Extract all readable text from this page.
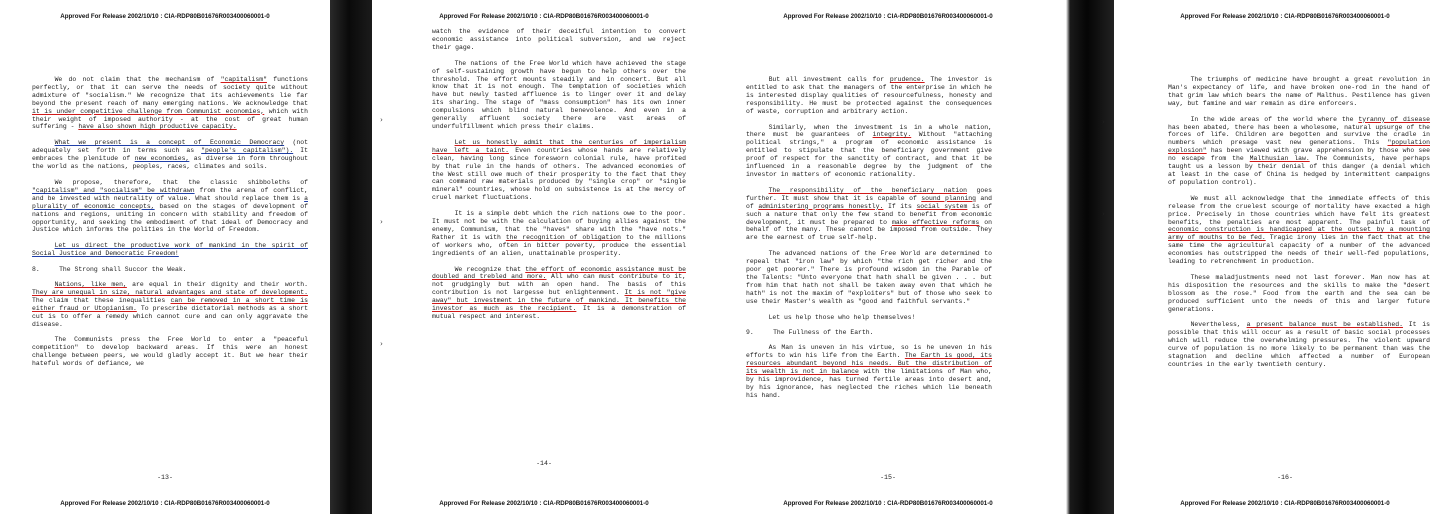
Approved For Release 2002/10/10 : CIA-RDP80B01676R003400060001-0

We do not claim that the mechanism of "capitalism" functions perfectly, or that it can serve the needs of society quite without admixture of "socialism." We recognize that its achievements lie far beyond the present reach of many emerging nations. We acknowledge that it is under competitive challenge from Communist economies, which with their weight of imposed authority - at the cost of great human suffering - have also shown high productive capacity.

What we present is a concept of Economic Democracy (not adequately set forth in terms such as "people's capitalism"). It embraces the plenitude of new economies, as diverse in form throughout the world as the nations, peoples, races, climates and soils.

We propose, therefore, that the classic shibboleths of "capitalism" and "socialism" be withdrawn from the arena of conflict, and be invested with neutrality of value. What should replace them is a plurality of economic concepts, based on the stages of development of nations and regions, uniting in concern with stability and freedom of opportunity, and seeking the embodiment of that ideal of Democracy and Justice which informs the polities in the World of Freedom.

Let us direct the productive work of mankind in the spirit of Social Justice and Democratic Freedom!

8.	The Strong shall Succor the Weak.

Nations, like men, are equal in their dignity and their worth. They are unequal in size, natural advantages and state of development. The claim that these inequalities can be removed in a short time is either fraud or Utopianism. To prescribe dictatorial methods as a short cut is to offer a remedy which cannot cure and can only aggravate the disease.

The Communists press the Free World to enter a "peaceful competition" to develop backward areas. If this were an honest challenge between peers, we would gladly accept it. But we hear their hateful words of defiance, we

-13-
Approved For Release 2002/10/10 : CIA-RDP80B01676R003400060001-0
Approved For Release 2002/10/10 : CIA-RDP80B01676R003400060001-0
›
›
›

watch the evidence of their deceitful intention to convert economic assistance into political subversion, and we reject their gage.

The nations of the Free World which have achieved the stage of self-sustaining growth have begun to help others over the threshold. The effort mounts steadily and in concert. But all know that it is not enough. The temptation of societies which have but newly tasted affluence is to linger over it and delay its sharing. The stage of "mass consumption" has its own inner compulsions which blind natural benevolence. And even in a generally affluent society there are vast areas of underfulfillment which press their claims.

Let us honestly admit that the centuries of imperialism have left a taint. Even countries whose hands are relatively clean, having long since foresworn colonial rule, have profited by that rule in the hands of others. The advanced economies of the West still owe much of their prosperity to the fact that they can command raw materials produced by "single crop" or "single mineral" countries, whose hold on subsistence is at the mercy of cruel market fluctuations.

It is a simple debt which the rich nations owe to the poor. It must not be with the calculation of buying allies against the enemy, Communism, that the "haves" share with the "have nots." Rather it is with the recognition of obligation to the millions of workers who, often in bitter poverty, produce the essential ingredients of an alien, unattainable prosperity.

We recognize that the effort of economic assistance must be doubled and trebled and more. All who can must contribute to it, not grudgingly but with an open hand. The basis of this contribution is not largesse but enlightenment. It is not "give away" but investment in the future of mankind. It benefits the investor as much as the recipient. It is a demonstration of mutual respect and interest.

-14-
Approved For Release 2002/10/10 : CIA-RDP80B01676R003400060001-0
Approved For Release 2002/10/10 : CIA-RDP80B01676R003400060001-0

But all investment calls for prudence. The investor is entitled to ask that the managers of the enterprise in which he is interested display qualities of resourcefulness, honesty and responsibility. He must be protected against the consequences of waste, corruption and arbitrary action.

Similarly, when the investment is in a whole nation, there must be guarantees of integrity. Without "attaching political strings," a program of economic assistance is entitled to stipulate that the beneficiary government give proof of respect for the sanctity of contract, and that it be influenced in a reasonable degree by the judgment of the investor in matters of economic rationality.

The responsibility of the beneficiary nation goes further. It must show that it is capable of sound planning and of administering programs honestly. If its social system is of such a nature that only the few stand to benefit from economic development, it must be prepared to make effective reforms on behalf of the many. These cannot be imposed from outside. They are the earnest of true self-help.

The advanced nations of the Free World are determined to repeal that "iron law" by which "the rich get richer and the poor get poorer." There is profound wisdom in the Parable of the Talents: "Unto everyone that hath shall be given . . . but from him that hath not shall be taken away even that which he hath" is not the maxim of "exploiters" but of those who seek to use their Master's wealth as "good and faithful servants."

Let us help those who help themselves!

9.	The Fullness of the Earth.

As Man is uneven in his virtue, so is he uneven in his efforts to win his life from the Earth. The Earth is good, its resources abundant beyond his needs. But the distribution of its wealth is not in balance with the limitations of Man who, by his improvidence, has turned fertile areas into desert and, by his ignorance, has neglected the riches which lie beneath his hand.

-15-
Approved For Release 2002/10/10 : CIA-RDP80B01676R003400060001-0
Approved For Release 2002/10/10 : CIA-RDP80B01676R003400060001-0
›
›

The triumphs of medicine have brought a great revolution in Man's expectancy of life, and have broken one-rod in the hand of that grim law which bears the name of Malthus. Pestilence has given way, but famine and war remain as dire enforcers.

In the wide areas of the world where the tyranny of disease has been abated, there has been a wholesome, natural upsurge of the forces of life. Children are begotten and survive the cradle in numbers which presage vast new generations. This "population explosion" has been viewed with grave apprehension by those who see no escape from the Malthusian law. The Communists, have perhaps taught us a lesson by their denial of this danger (a denial which at least in the case of China is hedged by intermittent campaigns of population control).

We must all acknowledge that the immediate effects of this release from the cruelest scourge of mortality have exacted a high price. Precisely in those countries which have felt its greatest benefits, the penalties are most apparent. The painful task of economic construction is handicapped at the outset by a mounting army of mouths to be fed. Tragic irony lies in the fact that at the same time the agricultural capacity of a number of the advanced economies has outstripped the needs of their well-fed populations, leading to retrenchment in production.

These maladjustments need not last forever. Man now has at his disposition the resources and the skills to make the "desert blossom as the rose." Food from the earth and the sea can be produced sufficient unto the needs of this and larger future generations.

Nevertheless, a present balance must be established. It is possible that this will occur as a result of basic social processes which will reduce the overwhelming pressures. The violent upward curve of population is no more likely to be permanent than was the stagnation and decline which affected a number of European countries in the early twentieth century.

-16-
Approved For Release 2002/10/10 : CIA-RDP80B01676R003400060001-0
